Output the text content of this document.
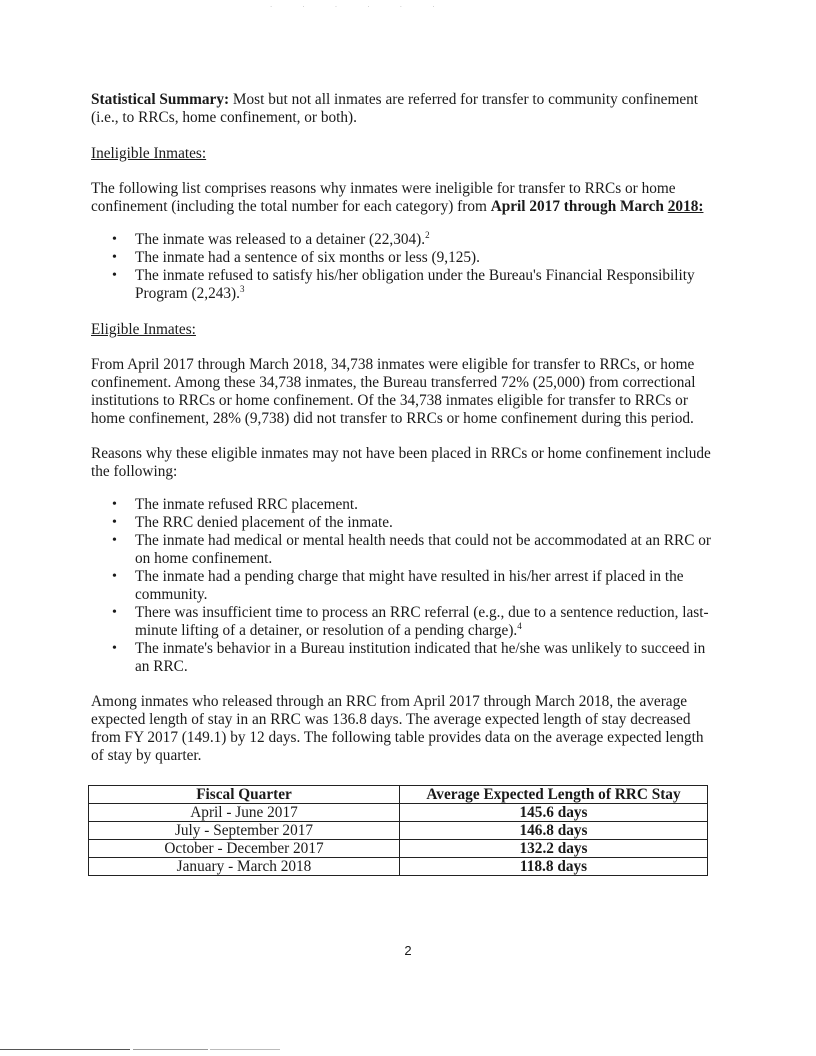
· · · · · ·

Statistical Summary: Most but not all inmates are referred for transfer to community confinement (i.e., to RRCs, home confinement, or both).

Ineligible Inmates:

The following list comprises reasons why inmates were ineligible for transfer to RRCs or home confinement (including the total number for each category) from April 2017 through March 2018:

• The inmate was released to a detainer (22,304).$^2$
• The inmate had a sentence of six months or less (9,125).
• The inmate refused to satisfy his/her obligation under the Bureau's Financial Responsibility Program (2,243).$^3$

Eligible Inmates:

From April 2017 through March 2018, 34,738 inmates were eligible for transfer to RRCs, or home confinement. Among these 34,738 inmates, the Bureau transferred 72% (25,000) from correctional institutions to RRCs or home confinement. Of the 34,738 inmates eligible for transfer to RRCs or home confinement, 28% (9,738) did not transfer to RRCs or home confinement during this period.

Reasons why these eligible inmates may not have been placed in RRCs or home confinement include the following:

• The inmate refused RRC placement.
• The RRC denied placement of the inmate.
• The inmate had medical or mental health needs that could not be accommodated at an RRC or on home confinement.
• The inmate had a pending charge that might have resulted in his/her arrest if placed in the community.
• There was insufficient time to process an RRC referral (e.g., due to a sentence reduction, last-minute lifting of a detainer, or resolution of a pending charge).$^4$
• The inmate's behavior in a Bureau institution indicated that he/she was unlikely to succeed in an RRC.

Among inmates who released through an RRC from April 2017 through March 2018, the average expected length of stay in an RRC was 136.8 days. The average expected length of stay decreased from FY 2017 (149.1) by 12 days. The following table provides data on the average expected length of stay by quarter.

Fiscal Quarter	Average Expected Length of RRC Stay
April - June 2017	145.6 days
July - September 2017	146.8 days
October - December 2017	132.2 days
January - March 2018	118.8 days
2
